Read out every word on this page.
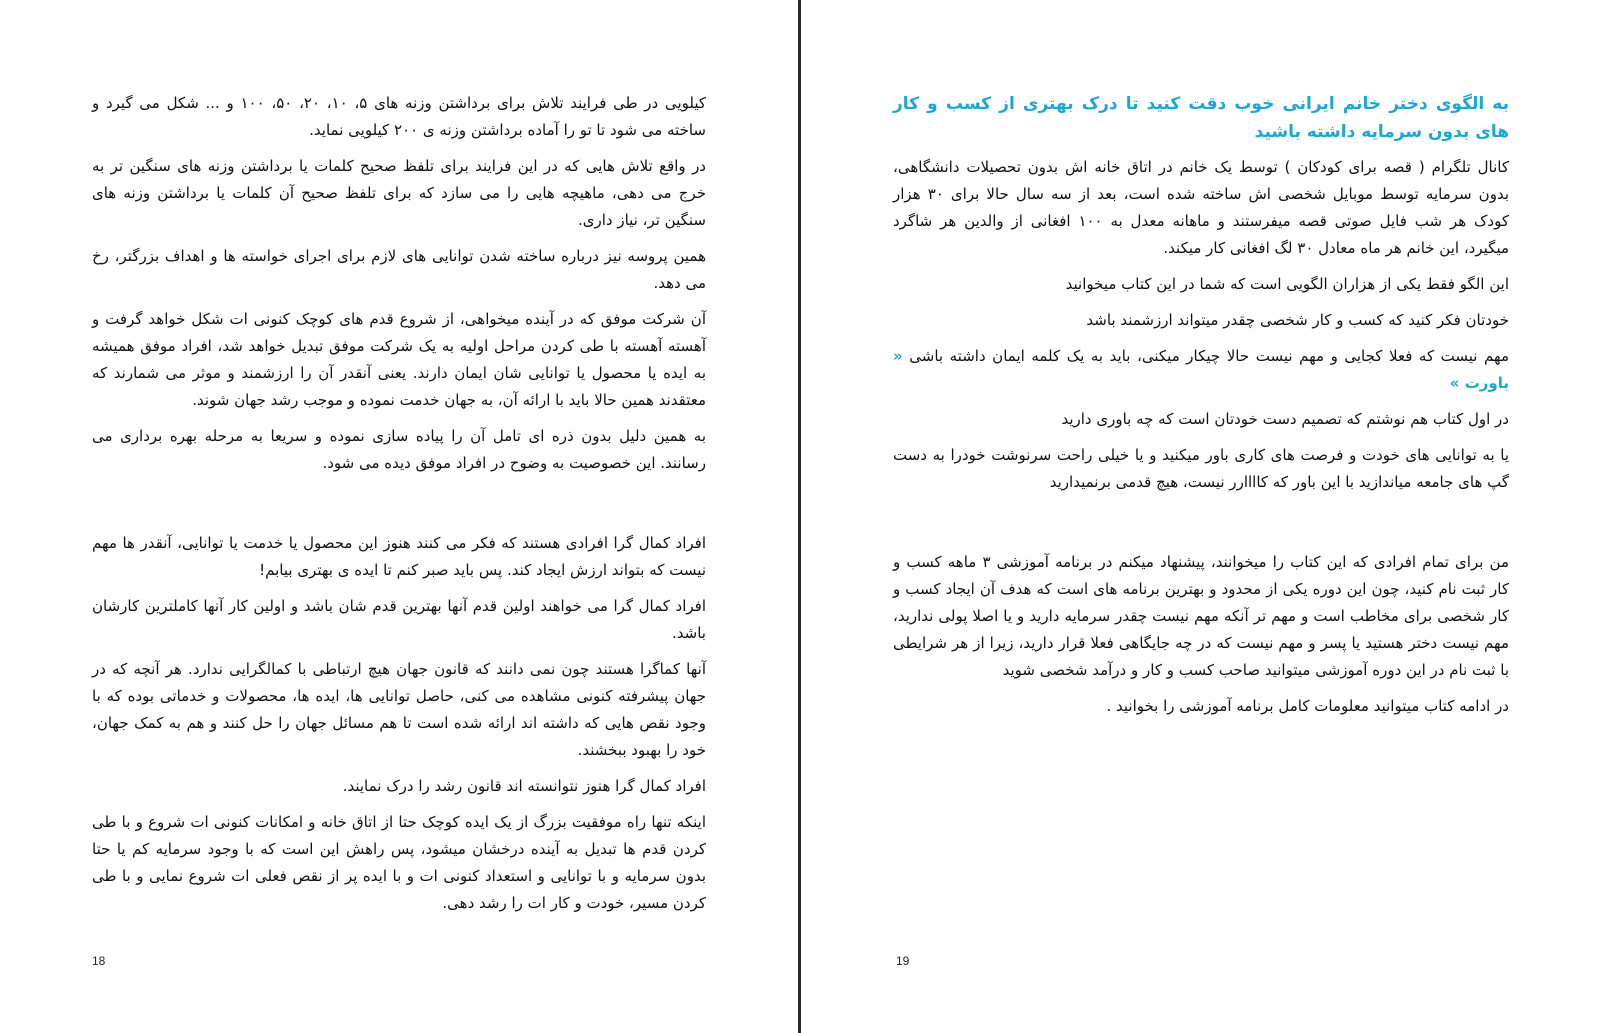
کیلویی در طی فرایند تلاش برای برداشتن وزنه های ۵، ۱۰، ۲۰، ۵۰، ۱۰۰ و ... شکل می گیرد و ساخته می شود تا تو را آماده برداشتن وزنه ی ۲۰۰ کیلویی نماید.

در واقع تلاش هایی که در این فرایند برای تلفظ صحیح کلمات یا برداشتن وزنه های سنگین تر به خرج می دهی، ماهیچه هایی را می سازد که برای تلفظ صحیح آن کلمات یا برداشتن وزنه های سنگین تر، نیاز داری.

همین پروسه نیز درباره ساخته شدن توانایی های لازم برای اجرای خواسته ها و اهداف بزرگتر، رخ می دهد.

آن شرکت موفق که در آینده میخواهی، از شروع قدم های کوچک کنونی ات شکل خواهد گرفت و آهسته آهسته با طی کردن مراحل اولیه به یک شرکت موفق تبدیل خواهد شد، افراد موفق همیشه به ایده یا محصول یا توانایی شان ایمان دارند. یعنی آنقدر آن را ارزشمند و موثر می شمارند که معتقدند همین حالا باید با ارائه آن، به جهان خدمت نموده و موجب رشد جهان شوند.

به همین دلیل بدون ذره ای تامل آن را پیاده سازی نموده و سریعا به مرحله بهره برداری می رسانند. این خصوصیت به وضوح در افراد موفق دیده می شود.

افراد کمال گرا افرادی هستند که فکر می کنند هنوز این محصول یا خدمت یا توانایی، آنقدر ها مهم نیست که بتواند ارزش ایجاد کند. پس باید صبر کنم تا ایده ی بهتری بیابم!

افراد کمال گرا می خواهند اولین قدم آنها بهترین قدم شان باشد و اولین کار آنها کاملترین کارشان باشد.

آنها کماگرا هستند چون نمی دانند که قانون جهان هیچ ارتباطی با کمالگرایی ندارد. هر آنچه که در جهان پیشرفته کنونی مشاهده می کنی، حاصل توانایی ها، ایده ها، محصولات و خدماتی بوده که با وجود نقص هایی که داشته اند ارائه شده است تا هم مسائل جهان را حل کنند و هم به کمک جهان، خود را بهبود ببخشند.

افراد کمال گرا هنوز نتوانسته اند قانون رشد را درک نمایند.

اینکه تنها راه موفقیت بزرگ از یک ایده کوچک حتا از اتاق خانه و امکانات کنونی ات شروع و با طی کردن قدم ها تبدیل به آینده درخشان میشود، پس راهش این است که با وجود سرمایه کم یا حتا بدون سرمایه و با توانایی و استعداد کنونی ات و با ایده پر از نقص فعلی ات شروع نمایی و با طی کردن مسیر، خودت و کار ات را رشد دهی.

18

به الگوی دختر خانم ایرانی خوب دقت کنید تا درک بهتری از کسب و کار های بدون سرمایه داشته باشید

کانال تلگرام ( قصه برای کودکان ) توسط یک خانم در اتاق خانه اش بدون تحصیلات دانشگاهی، بدون سرمایه توسط موبایل شخصی اش ساخته شده است، بعد از سه سال حالا برای ۳۰ هزار کودک هر شب فایل صوتی قصه میفرستند و ماهانه معدل به ۱۰۰ افغانی از والدین هر شاگرد میگیرد، این خانم هر ماه معادل ۳۰ لگ افغانی کار میکند.

این الگو فقط یکی از هزاران الگویی است که شما در این کتاب میخوانید

خودتان فکر کنید که کسب و کار شخصی چقدر میتواند ارزشمند باشد

مهم نیست که فعلا کجایی و مهم نیست حالا چیکار میکنی، باید به یک کلمه ایمان داشته باشی « باورت »

در اول کتاب هم نوشتم که تصمیم دست خودتان است که چه باوری دارید

یا به توانایی های خودت و فرصت های کاری باور میکنید و یا خیلی راحت سرنوشت خودرا به دست گپ های جامعه میاندازید با این باور که کاااارر نیست، هیچ قدمی برنمیدارید

من برای تمام افرادی که این کتاب را میخوانند، پیشنهاد میکنم در برنامه آموزشی ۳ ماهه کسب و کار ثبت نام کنید، چون این دوره یکی از محدود و بهترین برنامه های است که هدف آن ایجاد کسب و کار شخصی برای مخاطب است و مهم تر آنکه مهم نیست چقدر سرمایه دارید و یا اصلا پولی ندارید، مهم نیست دختر هستید یا پسر و مهم نیست که در چه جایگاهی فعلا قرار دارید، زیرا از هر شرایطی با ثبت نام در این دوره آموزشی میتوانید صاحب کسب و کار و درآمد شخصی شوید

در ادامه کتاب میتوانید معلومات کامل برنامه آموزشی را بخوانید .

19
